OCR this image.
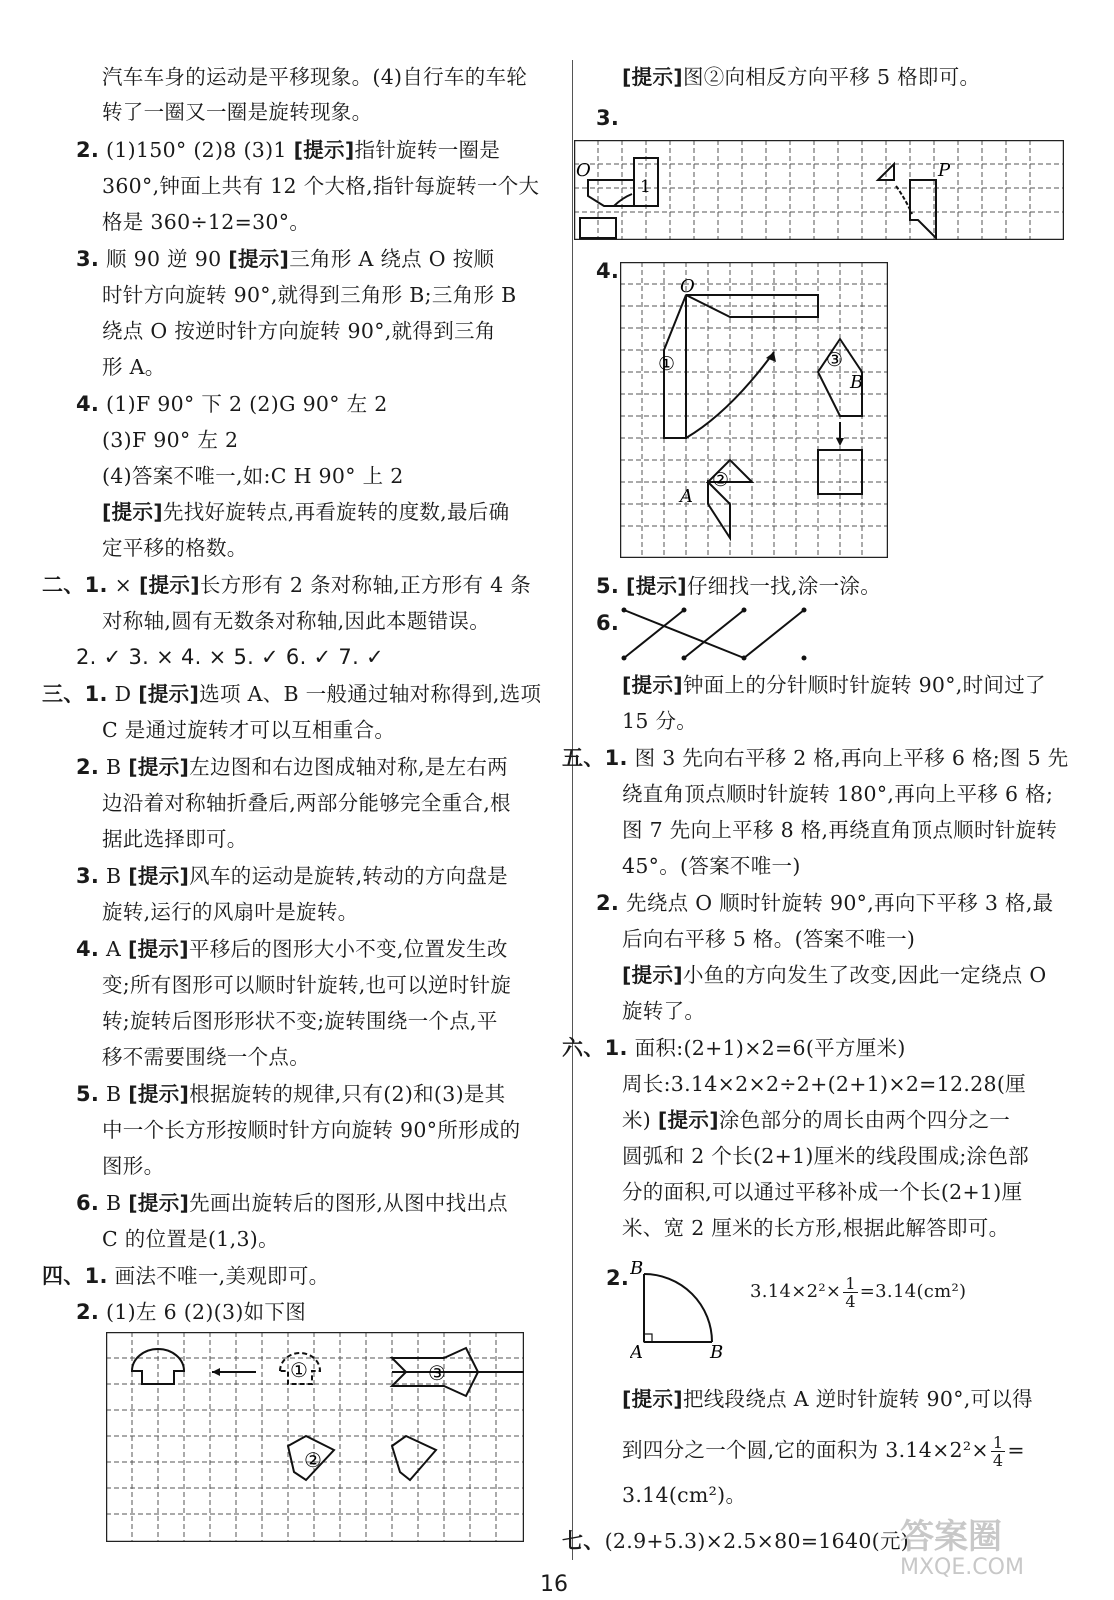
汽车车身的运动是平移现象。(4)自行车的车轮
转了一圈又一圈是旋转现象。
2. (1)150° (2)8 (3)1 [提示]指针旋转一圈是
360°,钟面上共有 12 个大格,指针每旋转一个大
格是 360÷12=30°。
3. 顺 90 逆 90 [提示]三角形 A 绕点 O 按顺
时针方向旋转 90°,就得到三角形 B;三角形 B
绕点 O 按逆时针方向旋转 90°,就得到三角
形 A。
4. (1)F 90° 下 2 (2)G 90° 左 2
(3)F 90° 左 2
(4)答案不唯一,如:C H 90° 上 2
[提示]先找好旋转点,再看旋转的度数,最后确
定平移的格数。
二、1. × [提示]长方形有 2 条对称轴,正方形有 4 条
对称轴,圆有无数条对称轴,因此本题错误。
2. ✓ 3. × 4. × 5. ✓ 6. ✓ 7. ✓
三、1. D [提示]选项 A、B 一般通过轴对称得到,选项
C 是通过旋转才可以互相重合。
2. B [提示]左边图和右边图成轴对称,是左右两
边沿着对称轴折叠后,两部分能够完全重合,根
据此选择即可。
3. B [提示]风车的运动是旋转,转动的方向盘是
旋转,运行的风扇叶是旋转。
4. A [提示]平移后的图形大小不变,位置发生改
变;所有图形可以顺时针旋转,也可以逆时针旋
转;旋转后图形形状不变;旋转围绕一个点,平
移不需要围绕一个点。
5. B [提示]根据旋转的规律,只有(2)和(3)是其
中一个长方形按顺时针方向旋转 90°所形成的
图形。
6. B [提示]先画出旋转后的图形,从图中找出点
C 的位置是(1,3)。
四、1. 画法不唯一,美观即可。
2. (1)左 6 (2)(3)如下图
①
②
③
[提示]图②向相反方向平移 5 格即可。
3.
O
1
P
4.
O
①	③
B
②
A
5. [提示]仔细找一找,涂一涂。
6.
[提示]钟面上的分针顺时针旋转 90°,时间过了
15 分。
五、1. 图 3 先向右平移 2 格,再向上平移 6 格;图 5 先
绕直角顶点顺时针旋转 180°,再向上平移 6 格;
图 7 先向上平移 8 格,再绕直角顶点顺时针旋转
45°。(答案不唯一)
2. 先绕点 O 顺时针旋转 90°,再向下平移 3 格,最
后向右平移 5 格。(答案不唯一)
[提示]小鱼的方向发生了改变,因此一定绕点 O
旋转了。
六、1. 面积:(2+1)×2=6(平方厘米)
周长:3.14×2×2÷2+(2+1)×2=12.28(厘
米) [提示]涂色部分的周长由两个四分之一
圆弧和 2 个长(2+1)厘米的线段围成;涂色部
分的面积,可以通过平移补成一个长(2+1)厘
米、宽 2 厘米的长方形,根据此解答即可。
2. B
A	B
$3.14\times 2^2\times \frac{1}{4} =3.14(cm^2)$
[提示]把线段绕点 A 逆时针旋转 90°,可以得
到四分之一个圆,它的面积为 $3.14\times 2^2\times \frac{1}{4}$ =
3.14(cm²)。
七、(2.9+5.3)×2.5×80=1640(元)
16
答案圈
MXQE.COM
